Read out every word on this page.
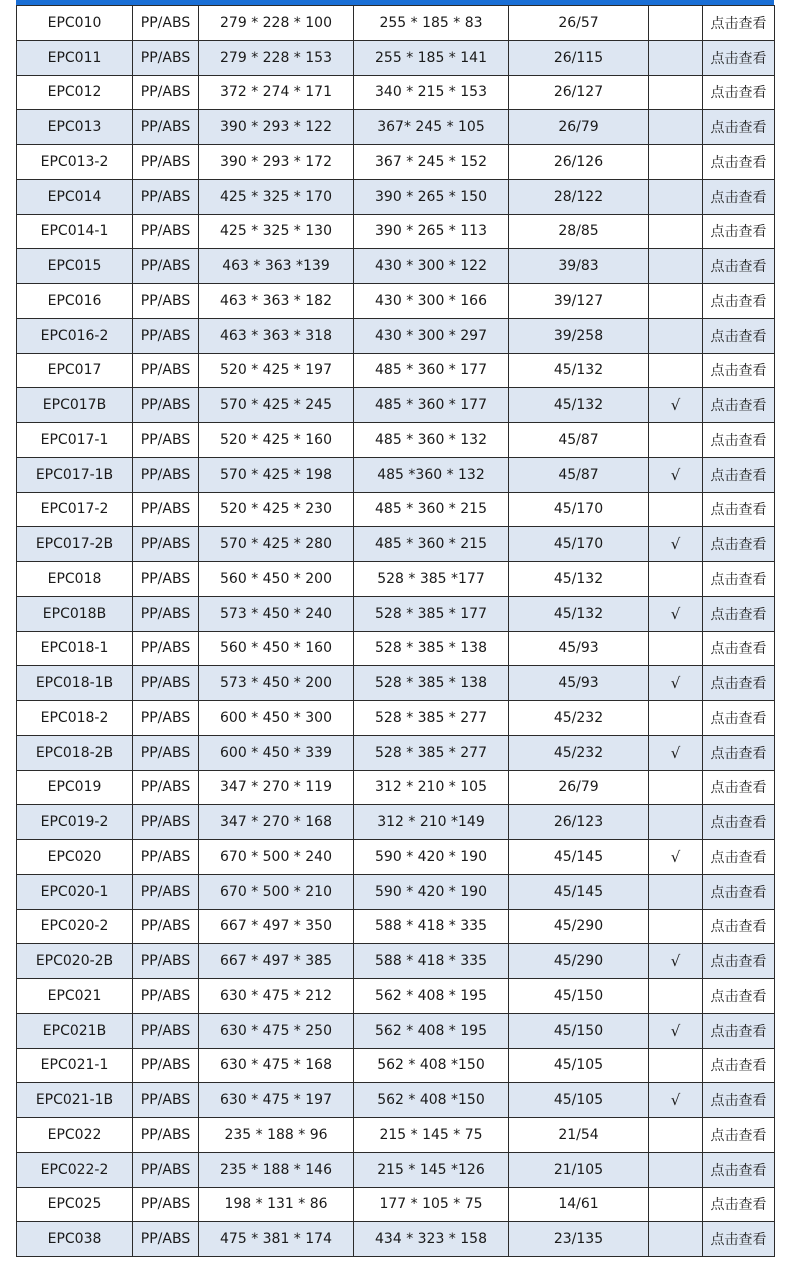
EPC010	PP/ABS	279 * 228 * 100	255 * 185 * 83	26/57		点击查看
EPC011	PP/ABS	279 * 228 * 153	255 * 185 * 141	26/115		点击查看
EPC012	PP/ABS	372 * 274 * 171	340 * 215 * 153	26/127		点击查看
EPC013	PP/ABS	390 * 293 * 122	367* 245 * 105	26/79		点击查看
EPC013-2	PP/ABS	390 * 293 * 172	367 * 245 * 152	26/126		点击查看
EPC014	PP/ABS	425 * 325 * 170	390 * 265 * 150	28/122		点击查看
EPC014-1	PP/ABS	425 * 325 * 130	390 * 265 * 113	28/85		点击查看
EPC015	PP/ABS	463 * 363 *139	430 * 300 * 122	39/83		点击查看
EPC016	PP/ABS	463 * 363 * 182	430 * 300 * 166	39/127		点击查看
EPC016-2	PP/ABS	463 * 363 * 318	430 * 300 * 297	39/258		点击查看
EPC017	PP/ABS	520 * 425 * 197	485 * 360 * 177	45/132		点击查看
EPC017B	PP/ABS	570 * 425 * 245	485 * 360 * 177	45/132	√	点击查看
EPC017-1	PP/ABS	520 * 425 * 160	485 * 360 * 132	45/87		点击查看
EPC017-1B	PP/ABS	570 * 425 * 198	485 *360 * 132	45/87	√	点击查看
EPC017-2	PP/ABS	520 * 425 * 230	485 * 360 * 215	45/170		点击查看
EPC017-2B	PP/ABS	570 * 425 * 280	485 * 360 * 215	45/170	√	点击查看
EPC018	PP/ABS	560 * 450 * 200	528 * 385 *177	45/132		点击查看
EPC018B	PP/ABS	573 * 450 * 240	528 * 385 * 177	45/132	√	点击查看
EPC018-1	PP/ABS	560 * 450 * 160	528 * 385 * 138	45/93		点击查看
EPC018-1B	PP/ABS	573 * 450 * 200	528 * 385 * 138	45/93	√	点击查看
EPC018-2	PP/ABS	600 * 450 * 300	528 * 385 * 277	45/232		点击查看
EPC018-2B	PP/ABS	600 * 450 * 339	528 * 385 * 277	45/232	√	点击查看
EPC019	PP/ABS	347 * 270 * 119	312 * 210 * 105	26/79		点击查看
EPC019-2	PP/ABS	347 * 270 * 168	312 * 210 *149	26/123		点击查看
EPC020	PP/ABS	670 * 500 * 240	590 * 420 * 190	45/145	√	点击查看
EPC020-1	PP/ABS	670 * 500 * 210	590 * 420 * 190	45/145		点击查看
EPC020-2	PP/ABS	667 * 497 * 350	588 * 418 * 335	45/290		点击查看
EPC020-2B	PP/ABS	667 * 497 * 385	588 * 418 * 335	45/290	√	点击查看
EPC021	PP/ABS	630 * 475 * 212	562 * 408 * 195	45/150		点击查看
EPC021B	PP/ABS	630 * 475 * 250	562 * 408 * 195	45/150	√	点击查看
EPC021-1	PP/ABS	630 * 475 * 168	562 * 408 *150	45/105		点击查看
EPC021-1B	PP/ABS	630 * 475 * 197	562 * 408 *150	45/105	√	点击查看
EPC022	PP/ABS	235 * 188 * 96	215 * 145 * 75	21/54		点击查看
EPC022-2	PP/ABS	235 * 188 * 146	215 * 145 *126	21/105		点击查看
EPC025	PP/ABS	198 * 131 * 86	177 * 105 * 75	14/61		点击查看
EPC038	PP/ABS	475 * 381 * 174	434 * 323 * 158	23/135		点击查看
